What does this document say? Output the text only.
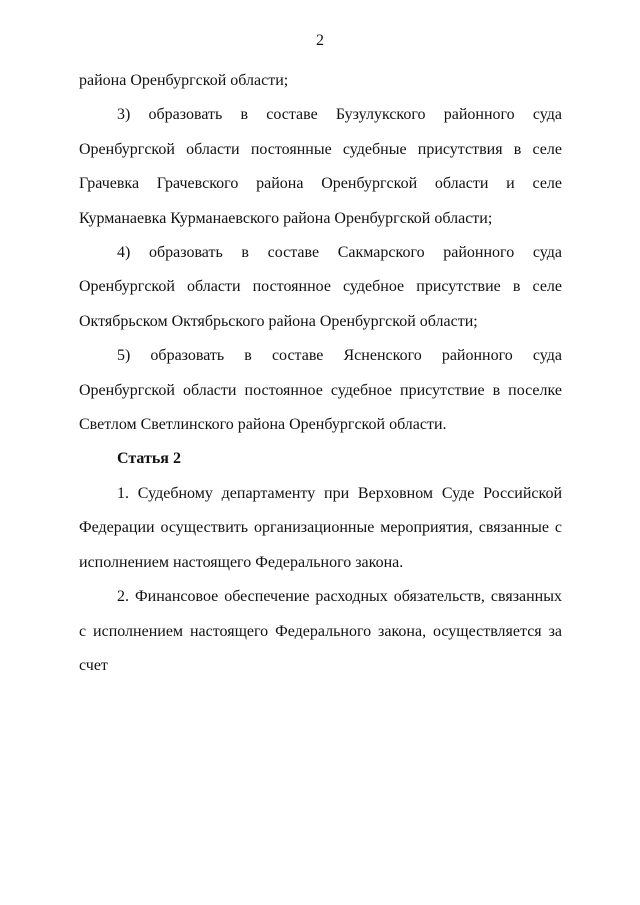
2

района Оренбургской области;

3) образовать в составе Бузулукского районного суда Оренбургской области постоянные судебные присутствия в селе Грачевка Грачевского района Оренбургской области и селе Курманаевка Курманаевского района Оренбургской области;

4) образовать в составе Сакмарского районного суда Оренбургской области постоянное судебное присутствие в селе Октябрьском Октябрьского района Оренбургской области;

5) образовать в составе Ясненского районного суда Оренбургской области постоянное судебное присутствие в поселке Светлом Светлинского района Оренбургской области.

Статья 2

1. Судебному департаменту при Верховном Суде Российской Федерации осуществить организационные мероприятия, связанные с исполнением настоящего Федерального закона.

2. Финансовое обеспечение расходных обязательств, связанных с исполнением настоящего Федерального закона, осуществляется за счет
